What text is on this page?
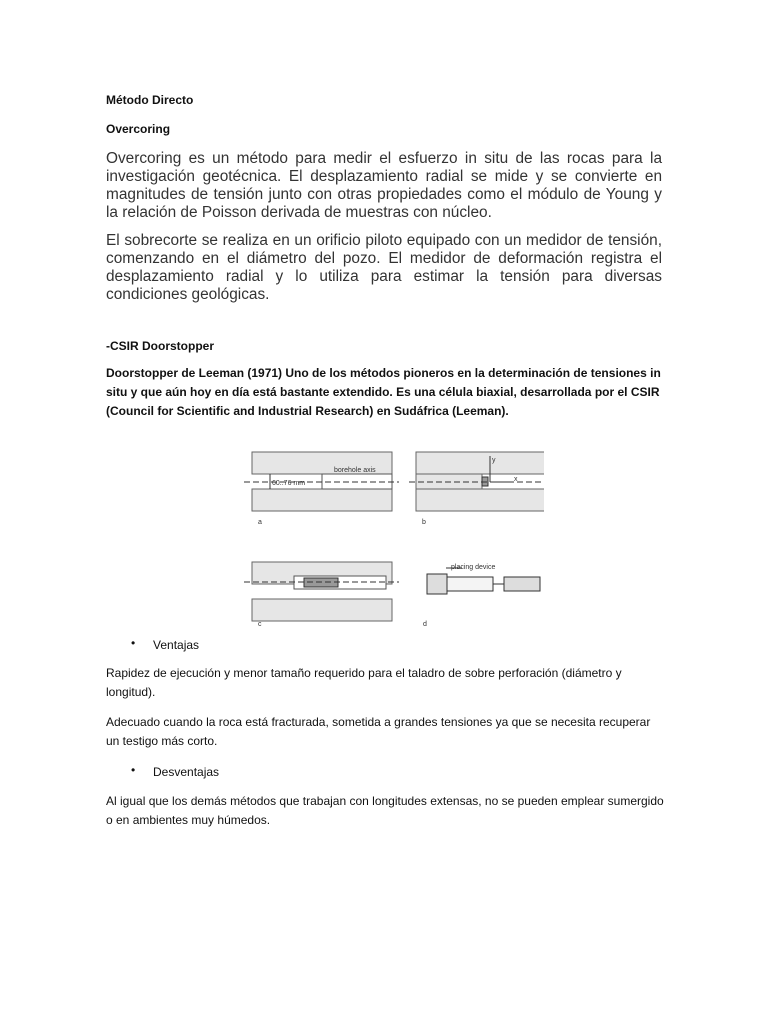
Método Directo
Overcoring
Overcoring es un método para medir el esfuerzo in situ de las rocas para la investigación geotécnica. El desplazamiento radial se mide y se convierte en magnitudes de tensión junto con otras propiedades como el módulo de Young y la relación de Poisson derivada de muestras con núcleo.
El sobrecorte se realiza en un orificio piloto equipado con un medidor de tensión, comenzando en el diámetro del pozo. El medidor de deformación registra el desplazamiento radial y lo utiliza para estimar la tensión para diversas condiciones geológicas.
-CSIR Doorstopper
Doorstopper de Leeman (1971) Uno de los métodos pioneros en la determinación de tensiones in situ y que aún hoy en día está bastante extendido. Es una célula biaxial, desarrollada por el CSIR (Council for Scientific and Industrial Research) en Sudáfrica (Leeman).
60..76 mm
borehole axis
y
x
placing device
a	b
c	d
• Ventajas
Rapidez de ejecución y menor tamaño requerido para el taladro de sobre perforación (diámetro y longitud).
Adecuado cuando la roca está fracturada, sometida a grandes tensiones ya que se necesita recuperar un testigo más corto.
• Desventajas
Al igual que los demás métodos que trabajan con longitudes extensas, no se pueden emplear sumergido o en ambientes muy húmedos.
